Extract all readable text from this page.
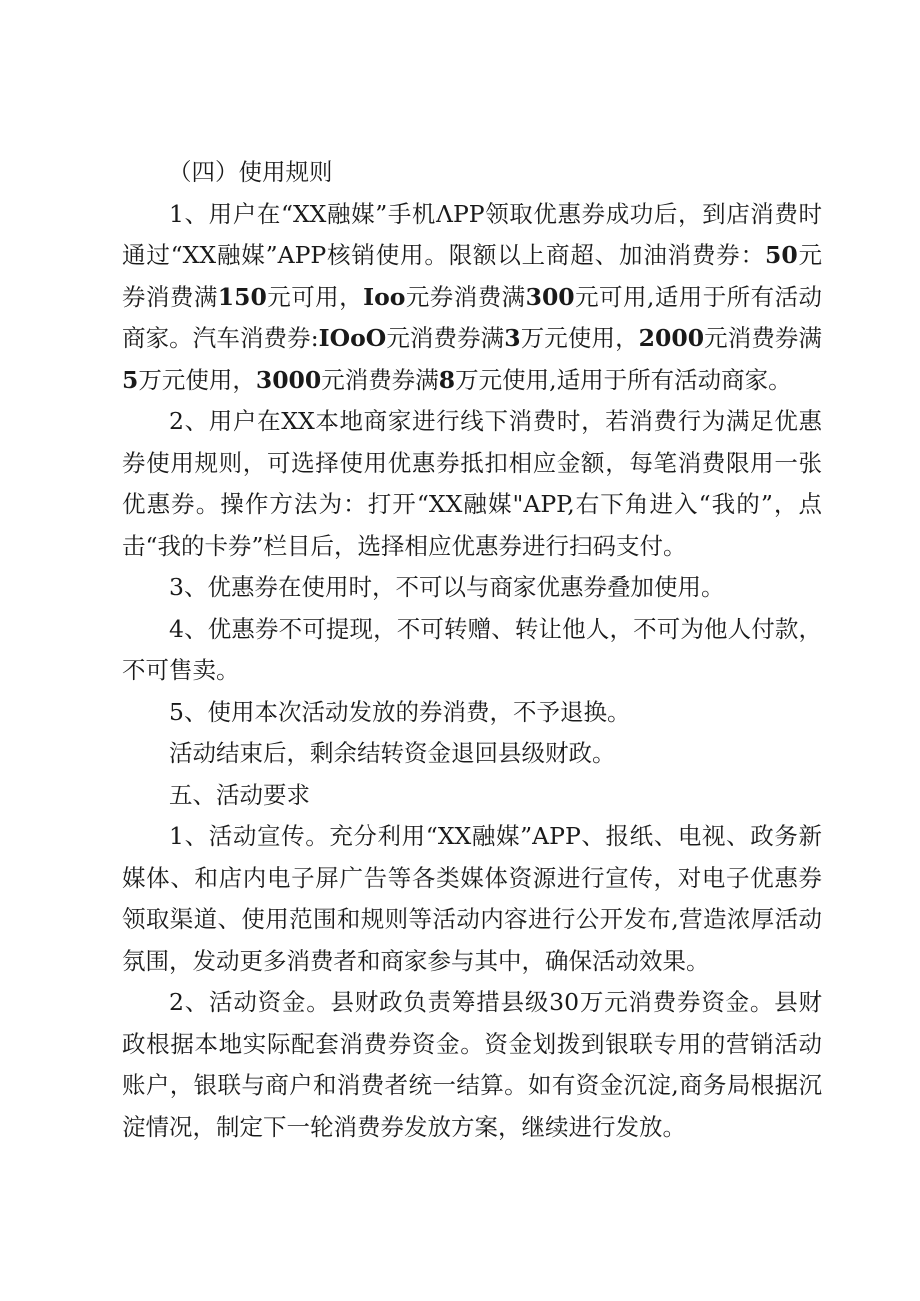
（四）使用规则

1、用户在“XX融媒”手机ΛPP领取优惠券成功后，到店消费时通过“XX融媒”APP核销使用。限额以上商超、加油消费券：50元券消费满150元可用，Ioo元券消费满300元可用,适用于所有活动商家。汽车消费券:IOoO元消费券满3万元使用，2000元消费券满5万元使用，3000元消费券满8万元使用,适用于所有活动商家。

2、用户在XX本地商家进行线下消费时，若消费行为满足优惠券使用规则，可选择使用优惠券抵扣相应金额，每笔消费限用一张优惠券。操作方法为：打开“XX融媒"APP,右下角进入“我的”，点击“我的卡券”栏目后，选择相应优惠券进行扫码支付。

3、优惠券在使用时，不可以与商家优惠券叠加使用。

4、优惠券不可提现，不可转赠、转让他人，不可为他人付款，不可售卖。

5、使用本次活动发放的券消费，不予退换。

活动结束后，剩余结转资金退回县级财政。

五、活动要求

1、活动宣传。充分利用“XX融媒”APP、报纸、电视、政务新媒体、和店内电子屏广告等各类媒体资源进行宣传，对电子优惠券领取渠道、使用范围和规则等活动内容进行公开发布,营造浓厚活动氛围，发动更多消费者和商家参与其中，确保活动效果。

2、活动资金。县财政负责筹措县级30万元消费券资金。县财政根据本地实际配套消费券资金。资金划拨到银联专用的营销活动账户，银联与商户和消费者统一结算。如有资金沉淀,商务局根据沉淀情况，制定下一轮消费券发放方案，继续进行发放。
